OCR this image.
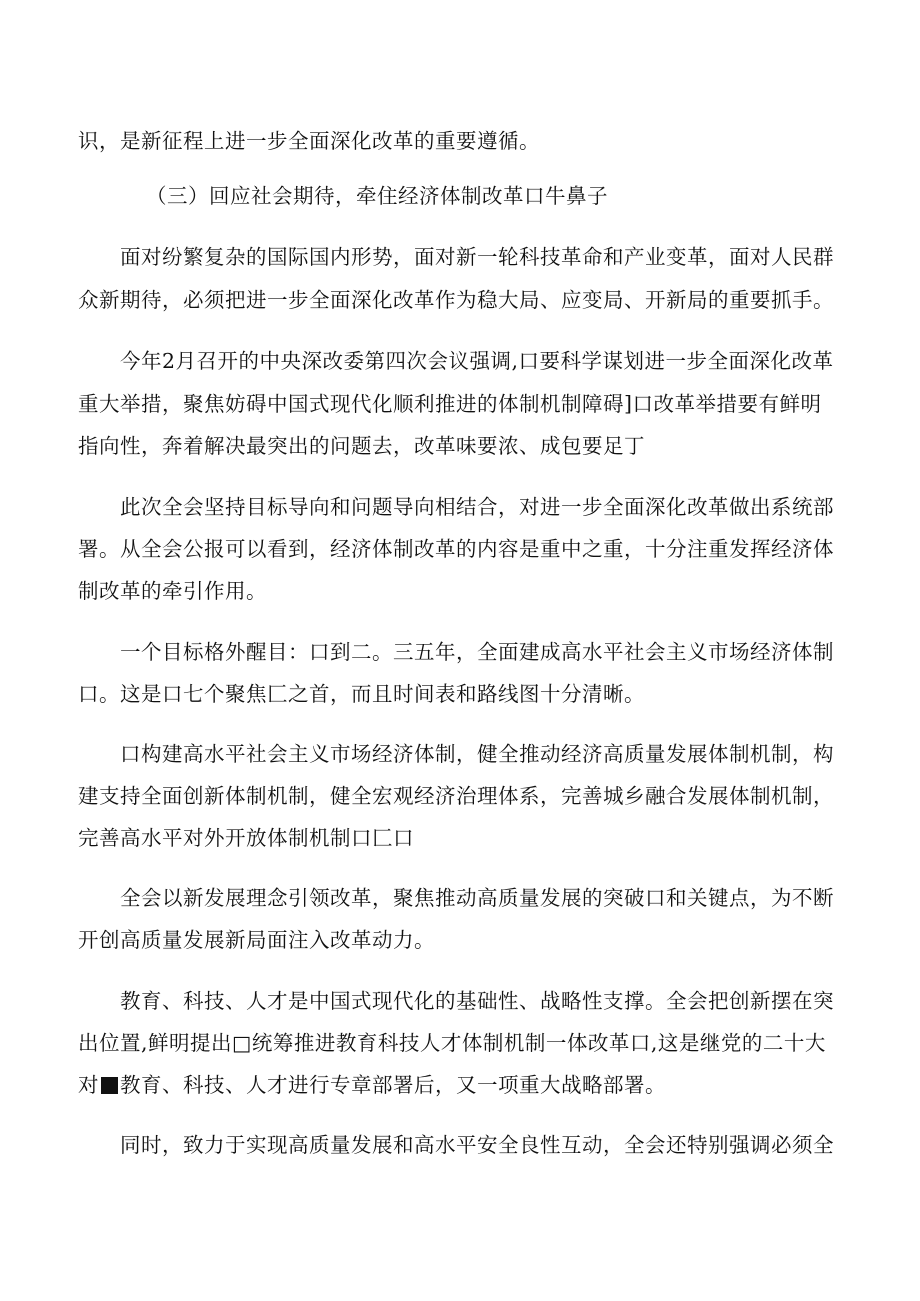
识，是新征程上进一步全面深化改革的重要遵循。
（三）回应社会期待，牵住经济体制改革口牛鼻子
面对纷繁复杂的国际国内形势，面对新一轮科技革命和产业变革，面对人民群
众新期待，必须把进一步全面深化改革作为稳大局、应变局、开新局的重要抓手。
今年2月召开的中央深改委第四次会议强调,口要科学谋划进一步全面深化改革
重大举措，聚焦妨碍中国式现代化顺利推进的体制机制障碍]口改革举措要有鲜明
指向性，奔着解决最突出的问题去，改革味要浓、成包要足丁
此次全会坚持目标导向和问题导向相结合，对进一步全面深化改革做出系统部
署。从全会公报可以看到，经济体制改革的内容是重中之重，十分注重发挥经济体
制改革的牵引作用。
一个目标格外醒目：口到二。三五年，全面建成高水平社会主义市场经济体制
口。这是口七个聚焦匚之首，而且时间表和路线图十分清晰。
口构建高水平社会主义市场经济体制，健全推动经济高质量发展体制机制，构
建支持全面创新体制机制，健全宏观经济治理体系，完善城乡融合发展体制机制，
完善高水平对外开放体制机制口匚口
全会以新发展理念引领改革，聚焦推动高质量发展的突破口和关键点，为不断
开创高质量发展新局面注入改革动力。
教育、科技、人才是中国式现代化的基础性、战略性支撑。全会把创新摆在突
出位置,鲜明提出□统筹推进教育科技人才体制机制一体改革口,这是继党的二十大
对 教育、科技、人才进行专章部署后，又一项重大战略部署。
同时，致力于实现高质量发展和高水平安全良性互动，全会还特别强调必须全
